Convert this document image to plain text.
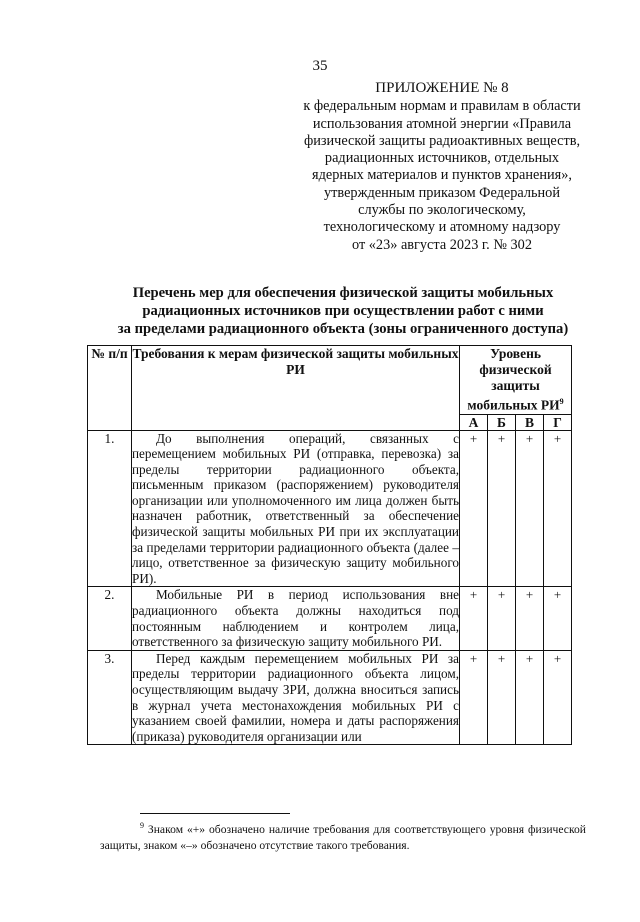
35
ПРИЛОЖЕНИЕ № 8
к федеральным нормам и правилам в области
использования атомной энергии «Правила
физической защиты радиоактивных веществ,
радиационных источников, отдельных
ядерных материалов и пунктов хранения»,
утвержденным приказом Федеральной
службы по экологическому,
технологическому и атомному надзору
от «23» августа 2023 г. № 302
Перечень мер для обеспечения физической защиты мобильных
радиационных источников при осуществлении работ с ними
за пределами радиационного объекта (зоны ограниченного доступа)
№ п/п	Требования к мерам физической защиты мобильных РИ	Уровень физической защиты мобильных $РИ^9$
		А	Б	В	Г
1.	До выполнения операций, связанных с перемещением мобильных РИ (отправка, перевозка) за пределы территории радиационного объекта, письменным приказом (распоряжением) руководителя организации или уполномоченного им лица должен быть назначен работник, ответственный за обеспечение физической защиты мобильных РИ при их эксплуатации за пределами территории радиационного объекта (далее – лицо, ответственное за физическую защиту мобильного РИ).	+	+	+	+
2.	Мобильные РИ в период использования вне радиационного объекта должны находиться под постоянным наблюдением и контролем лица, ответственного за физическую защиту мобильного РИ.	+	+	+	+
3.	Перед каждым перемещением мобильных РИ за пределы территории радиационного объекта лицом, осуществляющим выдачу ЗРИ, должна вноситься запись в журнал учета местонахождения мобильных РИ с указанием своей фамилии, номера и даты распоряжения (приказа) руководителя организации или	+	+	+	+

$^9$ Знаком «+» обозначено наличие требования для соответствующего уровня физической защиты, знаком «–» обозначено отсутствие такого требования.
